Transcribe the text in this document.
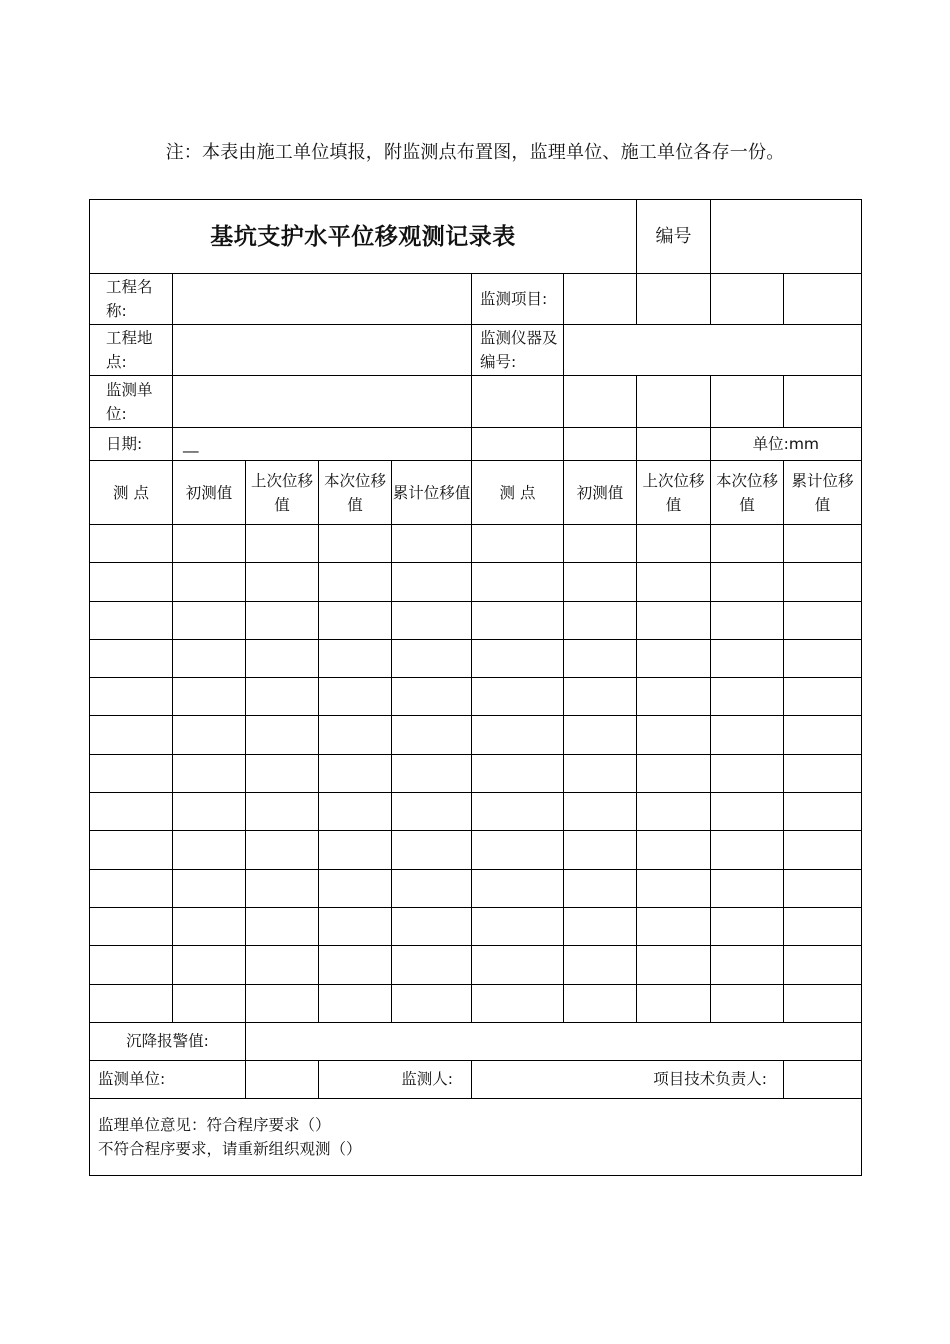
注：本表由施工单位填报，附监测点布置图，监理单位、施工单位各存一份。
基坑支护水平位移观测记录表							编号		
工程名称:					监测项目:				
工程地点:					监测仪器及编号:				
监测单位:									
日期:	__							单位:mm	
测 点	初测值	上次位移值	本次位移值	累计位移值	测 点	初测值	上次位移值	本次位移值	累计位移值

沉降报警值:									
监测单位:			监测人:		项目技术负责人:				

监理单位意见：符合程序要求（）
不符合程序要求，请重新组织观测（）									
